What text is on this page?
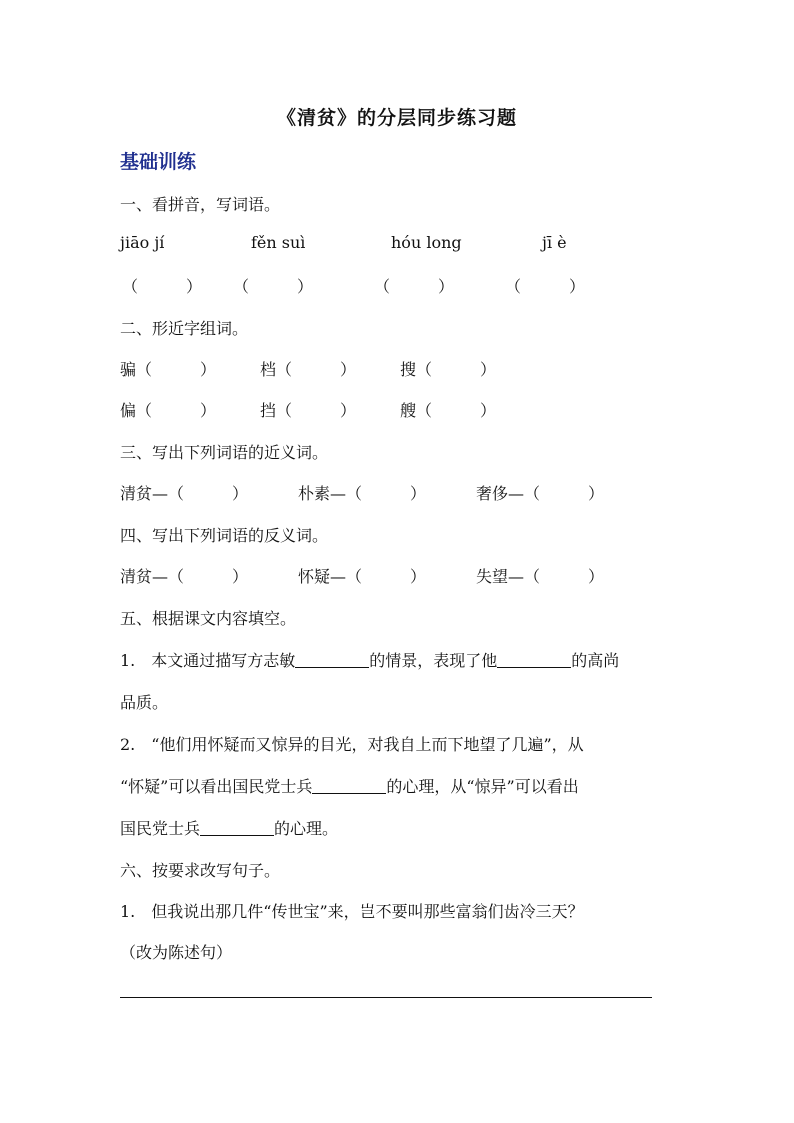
《清贫》的分层同步练习题
基础训练
一、看拼音，写词语。
jiāo jí	fěn suì	hóu long	jī è
（　　　） （　　　）	（　　　）	（　　　）
二、形近字组词。
骗（　　　）	档（　　　）	搜（　　　）
偏（　　　）	挡（　　　）	艘（　　　）
三、写出下列词语的近义词。
清贫—（　　　）	朴素—（　　　）	奢侈—（　　　）
四、写出下列词语的反义词。
清贫—（　　　）	怀疑—（　　　）	失望—（　　　）
五、根据课文内容填空。
1.　本文通过描写方志敏	的情景，表现了他	的高尚
品质。
2.　“他们用怀疑而又惊异的目光，对我自上而下地望了几遍”，从
“怀疑”可以看出国民党士兵	的心理，从“惊异”可以看出
国民党士兵	的心理。
六、按要求改写句子。
1.　但我说出那几件“传世宝”来，岂不要叫那些富翁们齿冷三天？
（改为陈述句）
